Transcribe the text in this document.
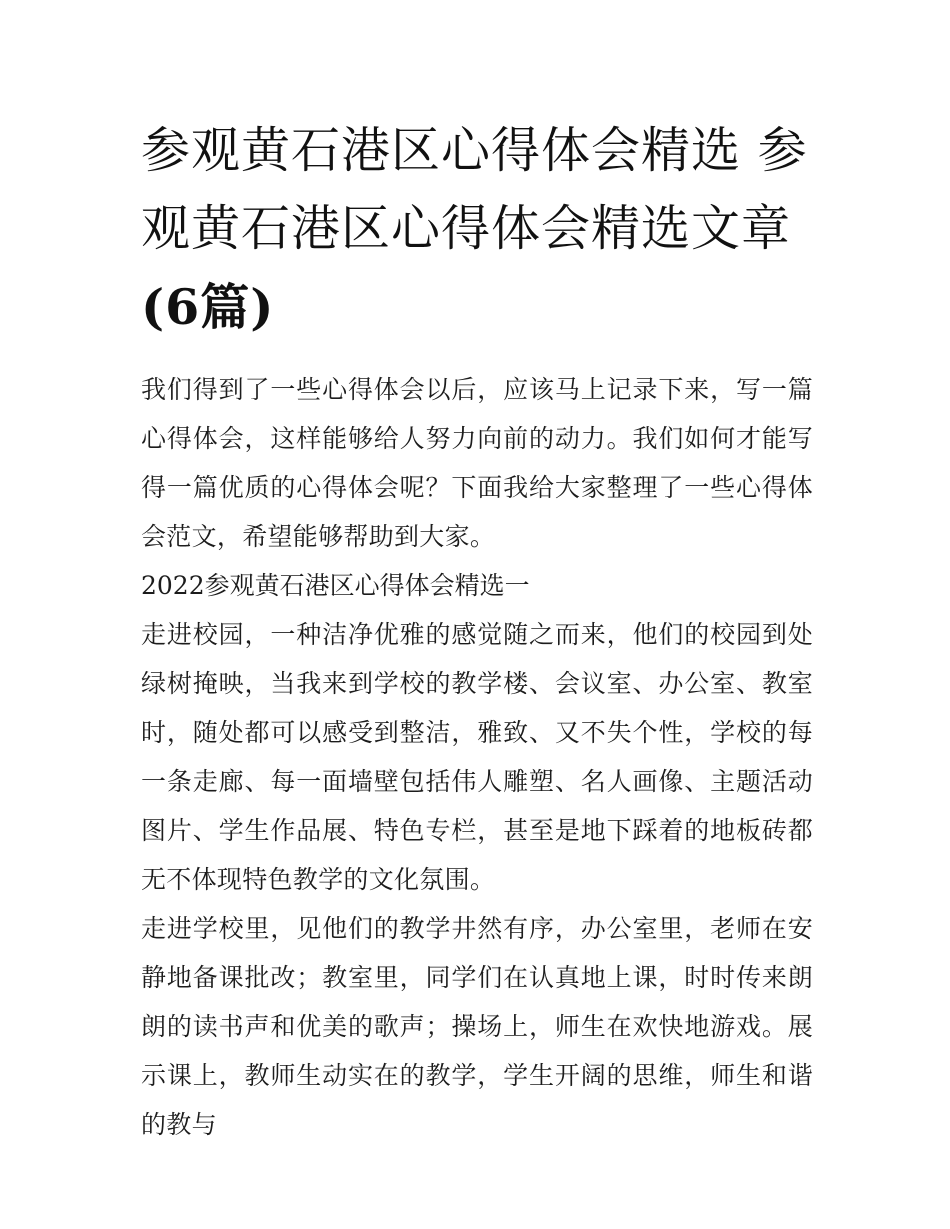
参观黄石港区心得体会精选 参观黄石港区心得体会精选文章(6篇)

我们得到了一些心得体会以后，应该马上记录下来，写一篇心得体会，这样能够给人努力向前的动力。我们如何才能写得一篇优质的心得体会呢？下面我给大家整理了一些心得体会范文，希望能够帮助到大家。

2022参观黄石港区心得体会精选一

走进校园，一种洁净优雅的感觉随之而来，他们的校园到处绿树掩映，当我来到学校的教学楼、会议室、办公室、教室时，随处都可以感受到整洁，雅致、又不失个性，学校的每一条走廊、每一面墙壁包括伟人雕塑、名人画像、主题活动图片、学生作品展、特色专栏，甚至是地下踩着的地板砖都无不体现特色教学的文化氛围。

走进学校里，见他们的教学井然有序，办公室里，老师在安静地备课批改；教室里，同学们在认真地上课，时时传来朗朗的读书声和优美的歌声；操场上，师生在欢快地游戏。展示课上，教师生动实在的教学，学生开阔的思维，师生和谐的教与
